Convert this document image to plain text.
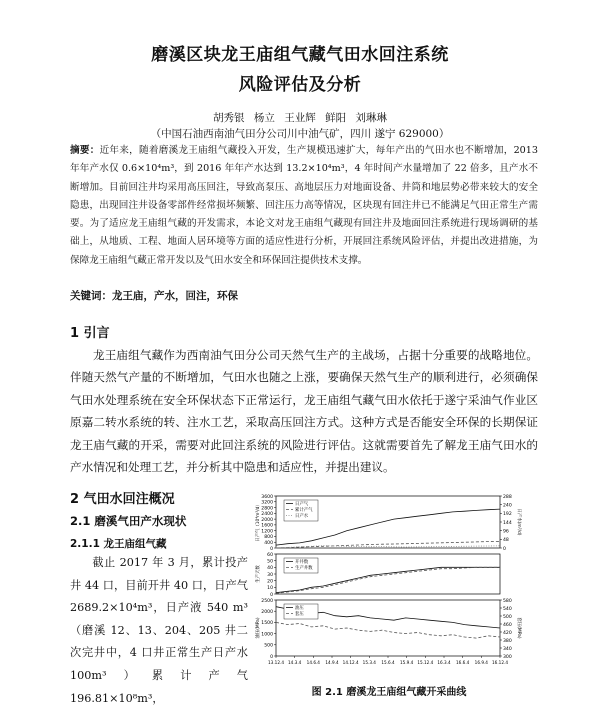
磨溪区块龙王庙组气藏气田水回注系统
风险评估及分析
胡秀银 杨立 王业辉 鲜阳 刘琳琳
（中国石油西南油气田分公司川中油气矿，四川 遂宁 629000）
摘要：近年来，随着磨溪龙王庙组气藏投入开发，生产规模迅速扩大，每年产出的气田水也不断增加，2013 年年产水仅 0.6×10⁴m³，到 2016 年年产水达到 13.2×10⁴m³，4 年时间产水量增加了 22 倍多，且产水不断增加。目前回注井均采用高压回注，导致高泵压、高地层压力对地面设备、井筒和地层势必带来较大的安全隐患，出现回注井设备零部件经常损坏频繁、回注压力高等情况，区块现有回注井已不能满足气田正常生产需要。为了适应龙王庙组气藏的开发需求，本论文对龙王庙组气藏现有回注井及地面回注系统进行现场调研的基础上，从地质、工程、地面人居环境等方面的适应性进行分析，开展回注系统风险评估，并提出改进措施，为保障龙王庙组气藏正常开发以及气田水安全和环保回注提供技术支撑。
关键词：龙王庙，产水，回注，环保
1 引言
龙王庙组气藏作为西南油气田分公司天然气生产的主战场，占据十分重要的战略地位。伴随天然气产量的不断增加，气田水也随之上涨，要确保天然气生产的顺利进行，必须确保气田水处理系统在安全环保状态下正常运行，龙王庙组气藏气田水依托于遂宁采油气作业区原嘉二转水系统的转、注水工艺，采取高压回注方式。这种方式是否能安全环保的长期保证龙王庙气藏的开采，需要对此回注系统的风险进行评估。这就需要首先了解龙王庙气田水的产水情况和处理工艺，并分析其中隐患和适应性，并提出建议。
2 气田水回注概况
2.1 磨溪气田产水现状
2.1.1 龙王庙组气藏
截止 2017 年 3 月，累计投产井 44 口，目前开井 40 口，日产气 2689.2×10⁴m³，日产液 540 m³（磨溪 12、13、204、205 井二次完井中，4 口井正常生产日产水 100m³）累计产气 196.81×10⁸m³，
0
400
800
1200
1600
2000
2400
2800
3200
3600
0
48
96
144
192
240
288
日产气（10⁴m³/d）	日产水(m³/d)
日产气
累计产气
日产水
0
10
20
30
40
50
60
生产天数
开井数
生产井数
0
500
1000
1500
2000
2500
300
340
380
420
460
500
540
580
油压(MPa)	套压(MPa)
油压
套压
13.12.4 14.3.4 14.6.4 14.9.4 14.12.4 15.3.4 15.6.4 15.9.4 15.12.4 16.3.4 16.6.4 16.9.4 16.12.4
图 2.1 磨溪龙王庙组气藏开采曲线
